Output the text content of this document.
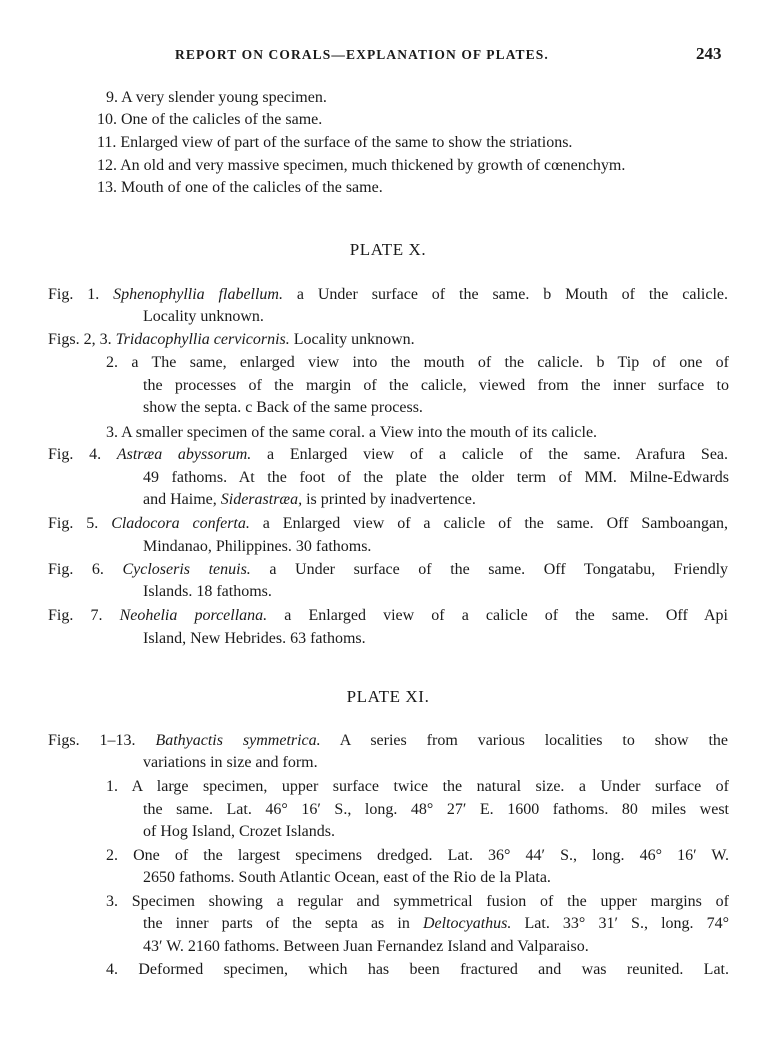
REPORT ON CORALS—EXPLANATION OF PLATES.	243
9. A very slender young specimen.
10. One of the calicles of the same.
11. Enlarged view of part of the surface of the same to show the striations.
12. An old and very massive specimen, much thickened by growth of cœnenchym.
13. Mouth of one of the calicles of the same.
PLATE X.
Fig. 1. Sphenophyllia flabellum. a Under surface of the same. b Mouth of the calicle.
Locality unknown.
Figs. 2, 3. Tridacophyllia cervicornis. Locality unknown.
2. a The same, enlarged view into the mouth of the calicle. b Tip of one of
the processes of the margin of the calicle, viewed from the inner surface to
show the septa. c Back of the same process.
3. A smaller specimen of the same coral. a View into the mouth of its calicle.
Fig. 4. Astræa abyssorum. a Enlarged view of a calicle of the same. Arafura Sea.
49 fathoms. At the foot of the plate the older term of MM. Milne-Edwards
and Haime, Siderastræa, is printed by inadvertence.
Fig. 5. Cladocora conferta. a Enlarged view of a calicle of the same. Off Samboangan,
Mindanao, Philippines. 30 fathoms.
Fig. 6. Cycloseris tenuis. a Under surface of the same. Off Tongatabu, Friendly
Islands. 18 fathoms.
Fig. 7. Neohelia porcellana. a Enlarged view of a calicle of the same. Off Api
Island, New Hebrides. 63 fathoms.
PLATE XI.
Figs. 1–13. Bathyactis symmetrica. A series from various localities to show the
variations in size and form.
1. A large specimen, upper surface twice the natural size. a Under surface of
the same. Lat. 46° 16′ S., long. 48° 27′ E. 1600 fathoms. 80 miles west
of Hog Island, Crozet Islands.
2. One of the largest specimens dredged. Lat. 36° 44′ S., long. 46° 16′ W.
2650 fathoms. South Atlantic Ocean, east of the Rio de la Plata.
3. Specimen showing a regular and symmetrical fusion of the upper margins of
the inner parts of the septa as in Deltocyathus. Lat. 33° 31′ S., long. 74°
43′ W. 2160 fathoms. Between Juan Fernandez Island and Valparaiso.
4. Deformed specimen, which has been fractured and was reunited. Lat.
